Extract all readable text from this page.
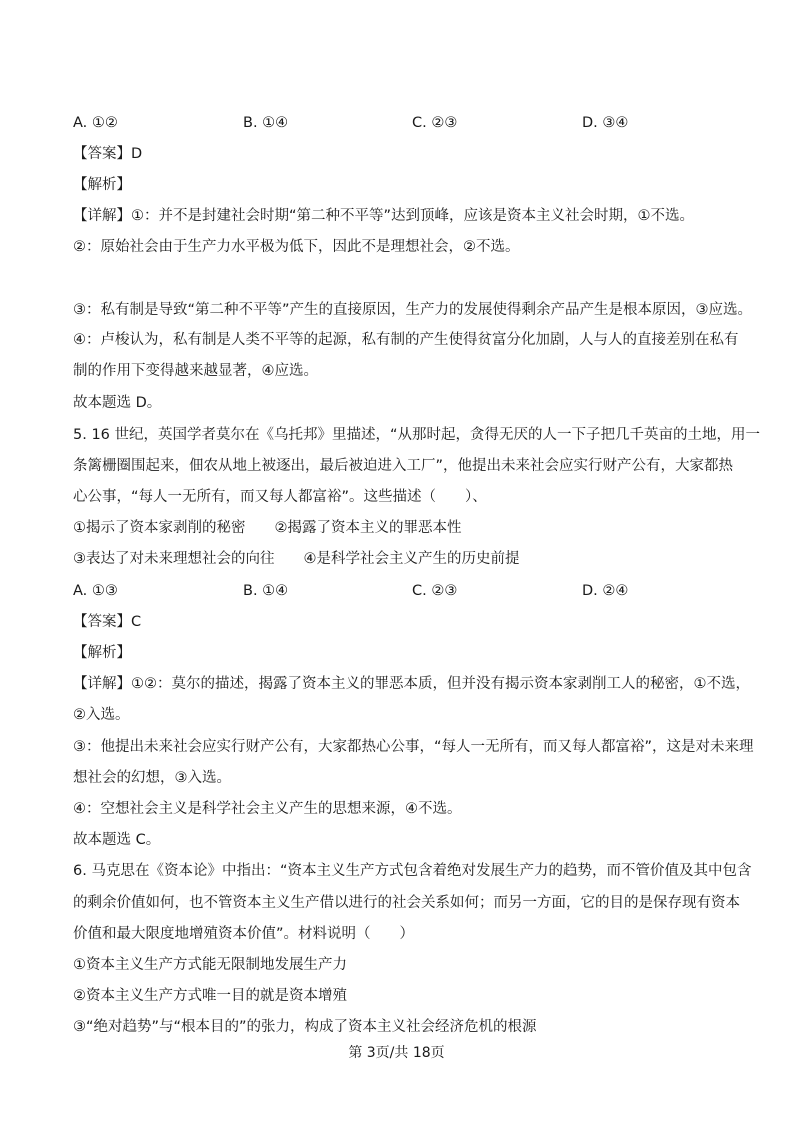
A. ①②	B. ①④	C. ②③	D. ③④
【答案】D
【解析】
【详解】①：并不是封建社会时期“第二种不平等”达到顶峰，应该是资本主义社会时期，①不选。
②：原始社会由于生产力水平极为低下，因此不是理想社会，②不选。
③：私有制是导致“第二种不平等”产生的直接原因，生产力的发展使得剩余产品产生是根本原因，③应选。
④：卢梭认为，私有制是人类不平等的起源，私有制的产生使得贫富分化加剧，人与人的直接差别在私有
制的作用下变得越来越显著，④应选。
故本题选 D。
5. 16 世纪，英国学者莫尔在《乌托邦》里描述，“从那时起，贪得无厌的人一下子把几千英亩的土地，用一
条篱栅圈围起来，佃农从地上被逐出，最后被迫进入工厂”，他提出未来社会应实行财产公有，大家都热
心公事，“每人一无所有，而又每人都富裕”。这些描述（　　）、
①揭示了资本家剥削的秘密　　②揭露了资本主义的罪恶本性
③表达了对未来理想社会的向往　　④是科学社会主义产生的历史前提
A. ①③	B. ①④	C. ②③	D. ②④
【答案】C
【解析】
【详解】①②：莫尔的描述，揭露了资本主义的罪恶本质，但并没有揭示资本家剥削工人的秘密，①不选，
②入选。
③：他提出未来社会应实行财产公有，大家都热心公事，“每人一无所有，而又每人都富裕”，这是对未来理
想社会的幻想，③入选。
④：空想社会主义是科学社会主义产生的思想来源，④不选。
故本题选 C。
6. 马克思在《资本论》中指出：“资本主义生产方式包含着绝对发展生产力的趋势，而不管价值及其中包含
的剩余价值如何，也不管资本主义生产借以进行的社会关系如何；而另一方面，它的目的是保存现有资本
价值和最大限度地增殖资本价值”。材料说明（　　）
①资本主义生产方式能无限制地发展生产力
②资本主义生产方式唯一目的就是资本增殖
③“绝对趋势”与“根本目的”的张力，构成了资本主义社会经济危机的根源
第 3页/共 18页
